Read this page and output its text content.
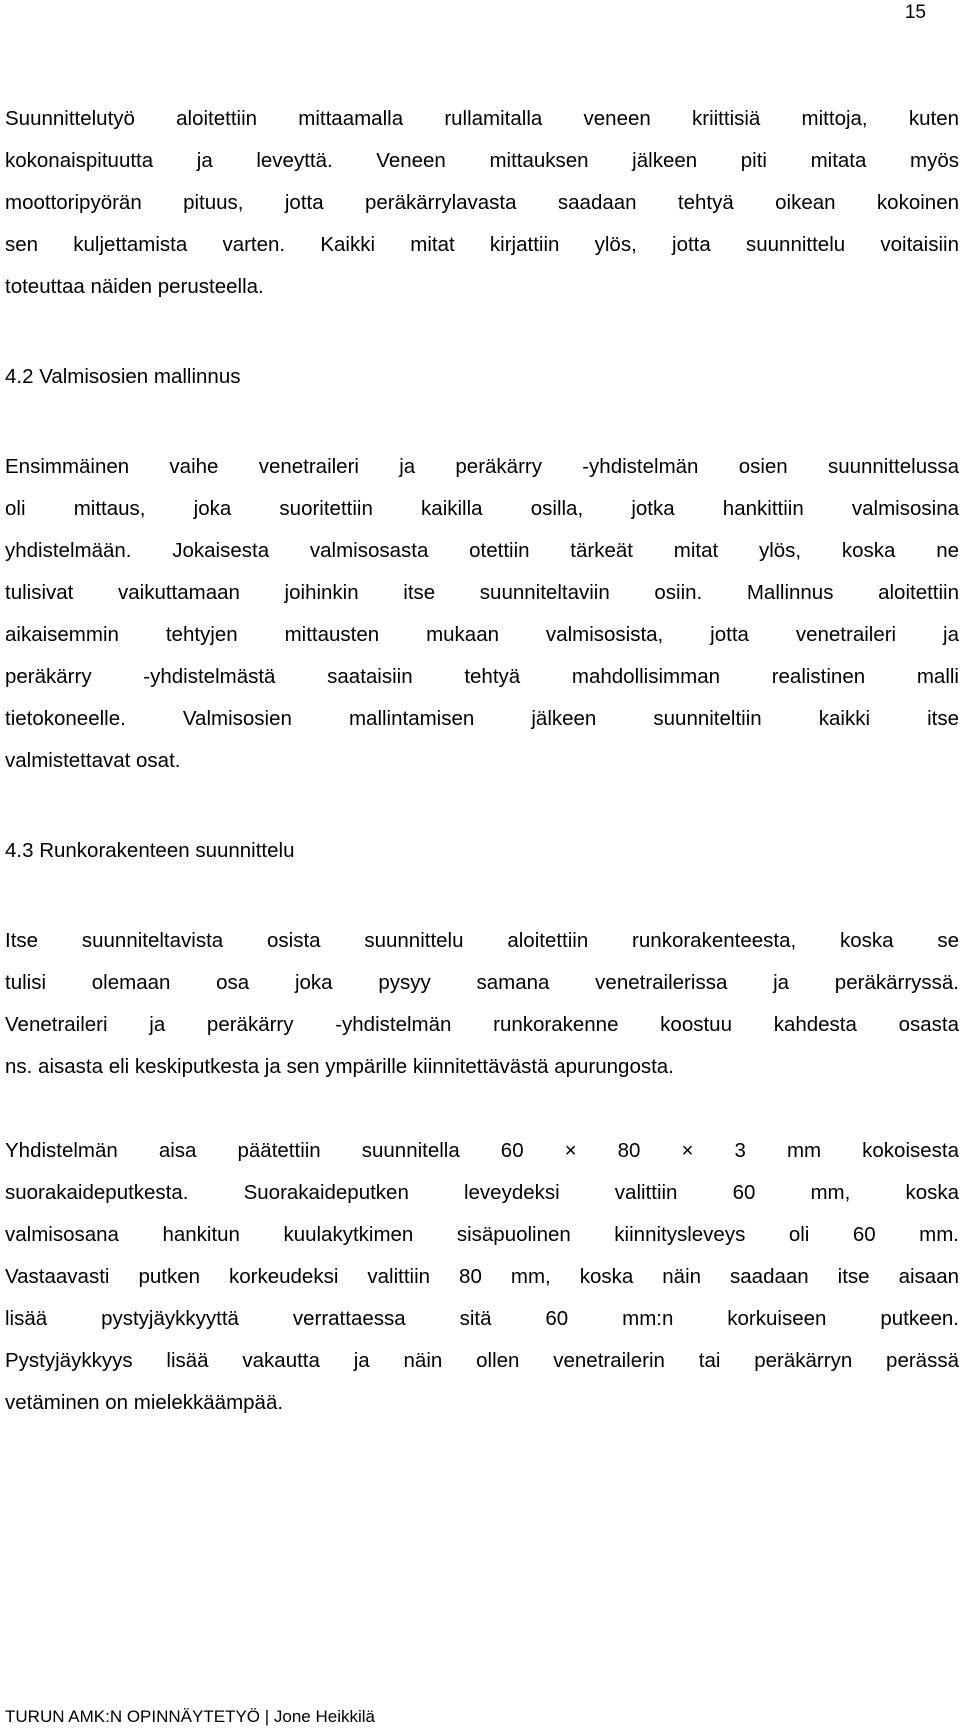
15
Suunnittelutyö aloitettiin mittaamalla rullamitalla veneen kriittisiä mittoja, kuten
kokonaispituutta ja leveyttä. Veneen mittauksen jälkeen piti mitata myös
moottoripyörän pituus, jotta peräkärrylavasta saadaan tehtyä oikean kokoinen
sen kuljettamista varten. Kaikki mitat kirjattiin ylös, jotta suunnittelu voitaisiin
toteuttaa näiden perusteella.
4.2 Valmisosien mallinnus
Ensimmäinen vaihe venetraileri ja peräkärry -yhdistelmän osien suunnittelussa
oli mittaus, joka suoritettiin kaikilla osilla, jotka hankittiin valmisosina
yhdistelmään. Jokaisesta valmisosasta otettiin tärkeät mitat ylös, koska ne
tulisivat vaikuttamaan joihinkin itse suunniteltaviin osiin. Mallinnus aloitettiin
aikaisemmin tehtyjen mittausten mukaan valmisosista, jotta venetraileri ja
peräkärry -yhdistelmästä saataisiin tehtyä mahdollisimman realistinen malli
tietokoneelle. Valmisosien mallintamisen jälkeen suunniteltiin kaikki itse
valmistettavat osat.
4.3 Runkorakenteen suunnittelu
Itse suunniteltavista osista suunnittelu aloitettiin runkorakenteesta, koska se
tulisi olemaan osa joka pysyy samana venetrailerissa ja peräkärryssä.
Venetraileri ja peräkärry -yhdistelmän runkorakenne koostuu kahdesta osasta
ns. aisasta eli keskiputkesta ja sen ympärille kiinnitettävästä apurungosta.
Yhdistelmän aisa päätettiin suunnitella 60 × 80 × 3 mm kokoisesta
suorakaideputkesta. Suorakaideputken leveydeksi valittiin 60 mm, koska
valmisosana hankitun kuulakytkimen sisäpuolinen kiinnitysleveys oli 60 mm.
Vastaavasti putken korkeudeksi valittiin 80 mm, koska näin saadaan itse aisaan
lisää pystyjäykkyyttä verrattaessa sitä 60 mm:n korkuiseen putkeen.
Pystyjäykkyys lisää vakautta ja näin ollen venetrailerin tai peräkärryn perässä
vetäminen on mielekkäämpää.
TURUN AMK:N OPINNÄYTETYÖ | Jone Heikkilä
